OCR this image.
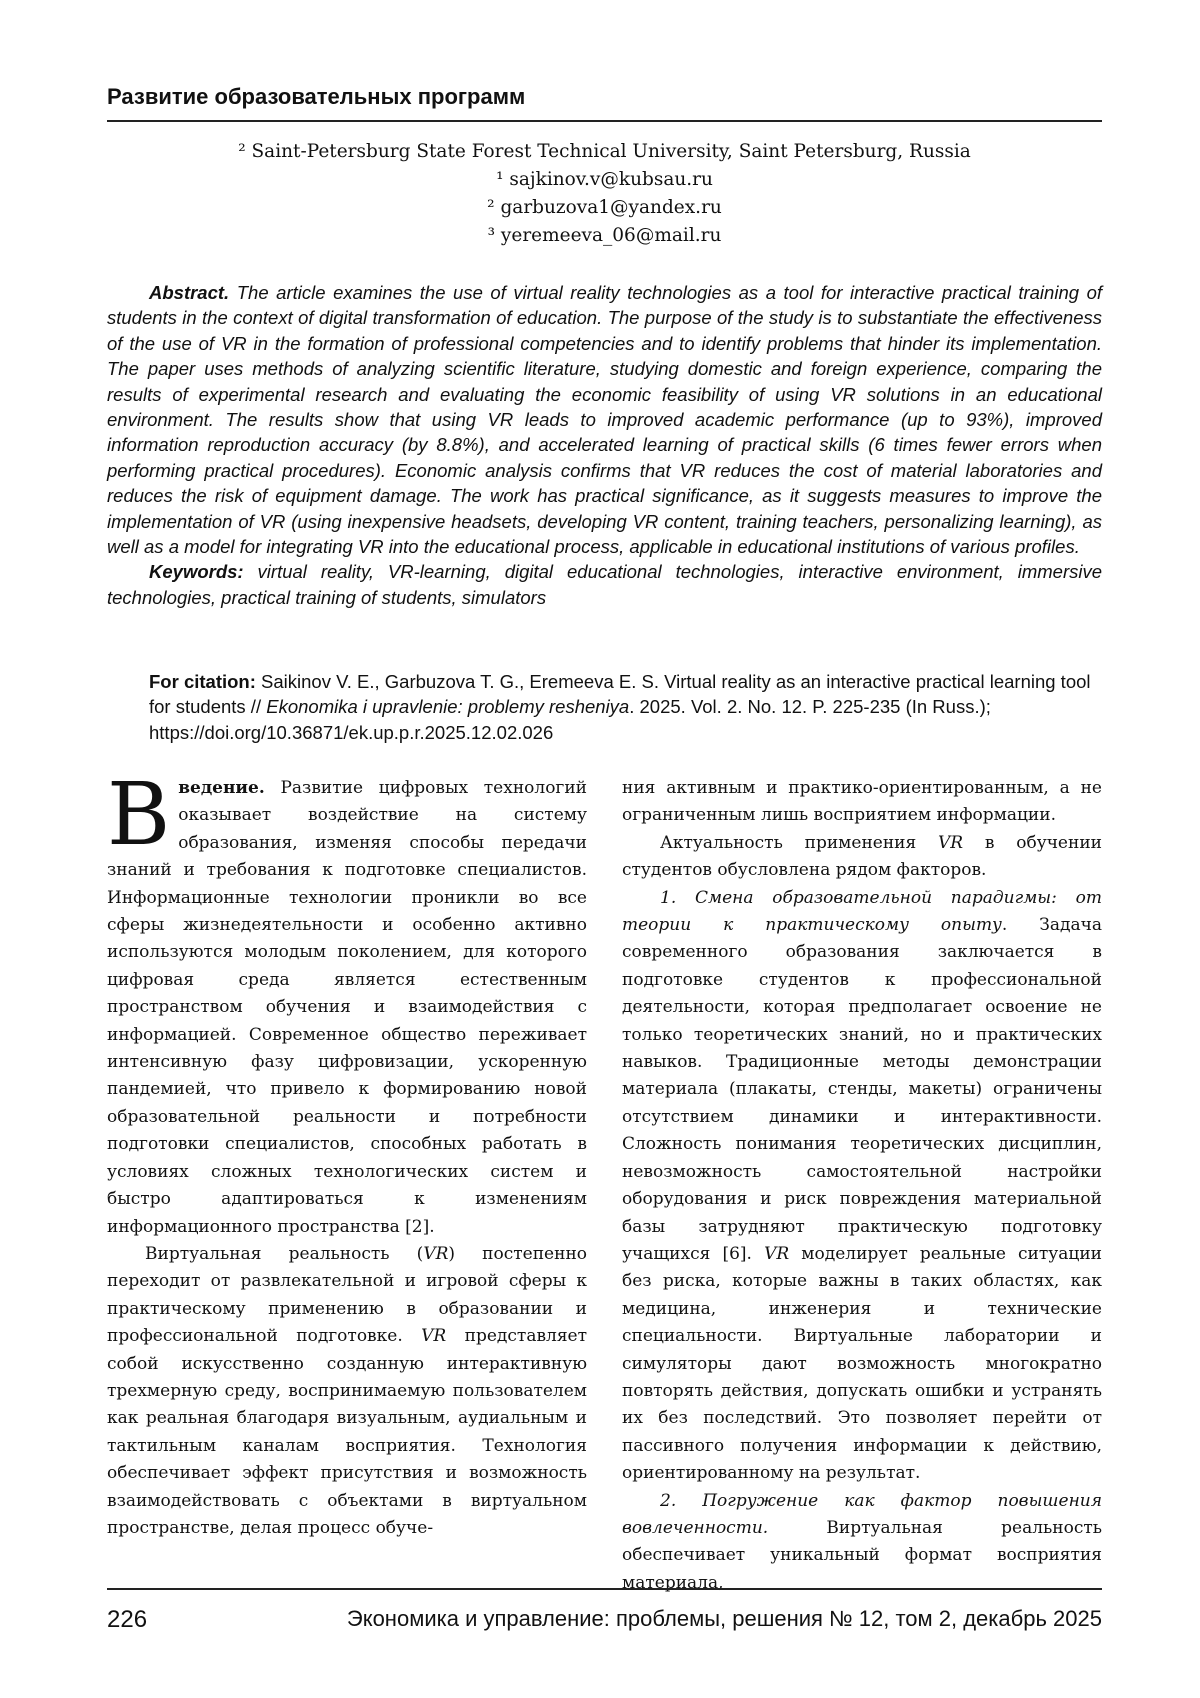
Развитие образовательных программ
² Saint-Petersburg State Forest Technical University, Saint Petersburg, Russia
¹ sajkinov.v@kubsau.ru
² garbuzova1@yandex.ru
³ yeremeeva_06@mail.ru

Abstract. The article examines the use of virtual reality technologies as a tool for interactive practical training of students in the context of digital transformation of education. The purpose of the study is to substantiate the effectiveness of the use of VR in the formation of professional competencies and to identify problems that hinder its implementation. The paper uses methods of analyzing scientific literature, studying domestic and foreign experience, comparing the results of experimental research and evaluating the economic feasibility of using VR solutions in an educational environment. The results show that using VR leads to improved academic performance (up to 93%), improved information reproduction accuracy (by 8.8%), and accelerated learning of practical skills (6 times fewer errors when performing practical procedures). Economic analysis confirms that VR reduces the cost of material laboratories and reduces the risk of equipment damage. The work has practical significance, as it suggests measures to improve the implementation of VR (using inexpensive headsets, developing VR content, training teachers, personalizing learning), as well as a model for integrating VR into the educational process, applicable in educational institutions of various profiles.

Keywords: virtual reality, VR-learning, digital educational technologies, interactive environment, immersive technologies, practical training of students, simulators

For citation: Saikinov V. E., Garbuzova T. G., Eremeeva E. S. Virtual reality as an interactive practical learning tool for students // Ekonomika i upravlenie: problemy resheniya. 2025. Vol. 2. No. 12. P. 225-235 (In Russ.); https://doi.org/10.36871/ek.up.p.r.2025.12.02.026

Введение. Развитие цифровых технологий оказывает воздействие на систему образования, изменяя способы передачи знаний и требования к подготовке специалистов. Информационные технологии проникли во все сферы жизнедеятельности и особенно активно используются молодым поколением, для которого цифровая среда является естественным пространством обучения и взаимодействия с информацией. Современное общество переживает интенсивную фазу цифровизации, ускоренную пандемией, что привело к формированию новой образовательной реальности и потребности подготовки специалистов, способных работать в условиях сложных технологических систем и быстро адаптироваться к изменениям информационного пространства [2].

Виртуальная реальность (VR) постепенно переходит от развлекательной и игровой сферы к практическому применению в образовании и профессиональной подготовке. VR представляет собой искусственно созданную интерактивную трехмерную среду, воспринимаемую пользователем как реальная благодаря визуальным, аудиальным и тактильным каналам восприятия. Технология обеспечивает эффект присутствия и возможность взаимодействовать с объектами в виртуальном пространстве, делая процесс обуче-

ния активным и практико-ориентированным, а не ограниченным лишь восприятием информации.

Актуальность применения VR в обучении студентов обусловлена рядом факторов.

1. Смена образовательной парадигмы: от теории к практическому опыту. Задача современного образования заключается в подготовке студентов к профессиональной деятельности, которая предполагает освоение не только теоретических знаний, но и практических навыков. Традиционные методы демонстрации материала (плакаты, стенды, макеты) ограничены отсутствием динамики и интерактивности. Сложность понимания теоретических дисциплин, невозможность самостоятельной настройки оборудования и риск повреждения материальной базы затрудняют практическую подготовку учащихся [6]. VR моделирует реальные ситуации без риска, которые важны в таких областях, как медицина, инженерия и технические специальности. Виртуальные лаборатории и симуляторы дают возможность многократно повторять действия, допускать ошибки и устранять их без последствий. Это позволяет перейти от пассивного получения информации к действию, ориентированному на результат.

2. Погружение как фактор повышения вовлеченности.	Виртуальная реальность обеспечивает уникальный формат восприятия материала,

226	Экономика и управление: проблемы, решения № 12, том 2, декабрь 2025
